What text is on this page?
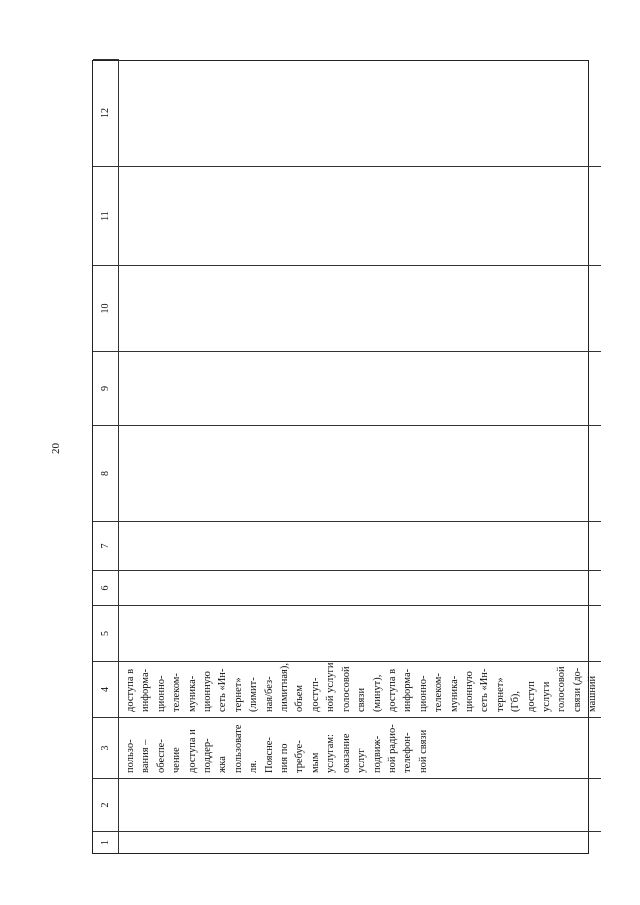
20
1
2
3
4
5
6
7
8
9
10
11
12
пользо-
вания –
обеспе-
чение
доступа и
поддер-
жка
пользовате
ля.
Поясне-
ния по
требуе-
мым
услугам:
оказание
услуг
подвиж-
ной радио-
телефон-
ной связи
доступа в
информа-
ционно-
телеком-
муника-
ционную
сеть «Ин-
тернет»
(лимит-
ная/без-
лимитная),
объем
доступ-
ной услуги
голосовой
связи
(минут),
доступа в
информа-
ционно-
телеком-
муника-
ционную
сеть «Ин-
тернет»
(Гб),
доступ
услуги
голосовой
связи (до-
машний
